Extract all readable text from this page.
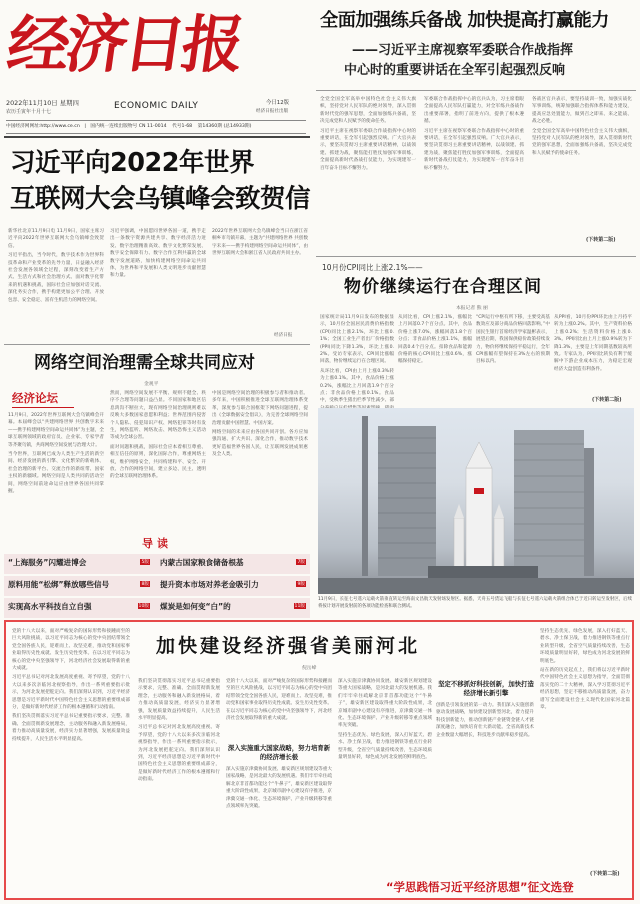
经济日报
2022年11月10日 星期四
农历壬寅年十月十七
ECONOMIC DAILY	今日12版
经济日报社出版
中国经济网网址:http://www.ce.cn | 国内统一连续出版物号 CN 11-0014 代号1-68 第14360期 (总14933期)
全面加强练兵备战 加快提高打赢能力
——习近平主席视察军委联合作战指挥
中心时的重要讲话在全军引起强烈反响

全党全国全军高举中国特色社会主义伟大旗帜，坚持党对人民军队的绝对领导，深入贯彻新时代党的强军思想，全面加强练兵备战，坚决完成党和人民赋予的使命任务。

习近平主席在视察军委联合作战指挥中心时的重要讲话，在全军引起强烈反响。广大官兵表示，要坚决贯彻习主席重要讲话精神，以战领建、抓建为战，聚焦能打胜仗加强军事训练，全面提高新时代备战打仗能力，为实现建军一百年奋斗目标不懈努力。

军委联合作战指挥中心的官兵认为，习主席着眼全面提高人民军队打赢能力，对全军练兵备战作出重要部署，指明了前进方向，提供了根本遵循。

习近平主席在视察军委联合作战指挥中心时的重要讲话，在全军引起强烈反响。广大官兵表示，要坚决贯彻习主席重要讲话精神，以战领建、抓建为战，聚焦能打胜仗加强军事训练，全面提高新时代备战打仗能力，为实现建军一百年奋斗目标不懈努力。

各战区官兵表示，要坚持战训一致，加强实战化军事训练，统筹加强联合指挥体系和能力建设，提高应急处置能力，做到召之即来、来之能战、战之必胜。

全党全国全军高举中国特色社会主义伟大旗帜，坚持党对人民军队的绝对领导，深入贯彻新时代党的强军思想，全面加强练兵备战，坚决完成党和人民赋予的使命任务。

(下转第二版)
习近平向2022年世界
互联网大会乌镇峰会致贺信

新华社北京11月9日电 11月9日，国家主席习近平向2022年世界互联网大会乌镇峰会致贺信。

习近平指出，当今时代，数字技术作为世界科技革命和产业变革的先导力量，日益融入经济社会发展各领域全过程，深刻改变着生产方式、生活方式和社会治理方式。面对数字化带来的机遇和挑战，国际社会应加强对话交流、深化务实合作，携手构建更加公平合理、开放包容、安全稳定、富有生机活力的网络空间。

习近平强调，中国愿同世界各国一道，携手走出一条数字资源共建共享、数字经济活力迸发、数字治理精准高效、数字文化繁荣发展、数字安全保障有力、数字合作互利共赢的全球数字发展道路，加快构建网络空间命运共同体，为世界和平发展和人类文明进步贡献智慧和力量。

2022年世界互联网大会乌镇峰会当日在浙江省桐乡市乌镇开幕，主题为“共建网络世界 共创数字未来——携手构建网络空间命运共同体”，由世界互联网大会和浙江省人民政府共同主办。

经济日报
10月份CPI同比上涨2.1%——
物价继续运行在合理区间
本报记者 熊 丽

国家统计局11月9日发布的数据显示，10月份全国居民消费价格指数(CPI)同比上涨2.1%，环比上涨0.1%；全国工业生产者出厂价格指数(PPI)同比下降1.3%，环比上涨0.2%。受访专家表示，CPI同比涨幅回落，物价继续运行在合理区间。

从环比看，CPI由上月上涨0.3%转为上涨0.1%。其中，食品价格上涨0.2%，涨幅比上月回落1.9个百分点；非食品价格上涨0.1%。食品中，受秋季生猪出栏季节性减少、部

从同比看，CPI上涨2.1%，涨幅比上月回落0.7个百分点。其中，食品价格上涨7.0%，涨幅回落1.8个百分点；非食品价格上涨1.1%，涨幅回落0.4个百分点。扣除食品和能源价格的核心CPI同比上涨0.6%，涨幅保持稳定。

“CPI运行中枢有所下移，主要受高基数效应及部分商品价格回落影响。”中国民生银行首席经济学家温彬表示，展望后期，我国保供稳价政策持续发力，物价将继续保持平稳运行，全年CPI涨幅有望保持在3%左右的预期目标以内。

从PPI看，10月份PPI环比由上月持平转为上涨0.2%。其中，生产资料价格上涨0.2%；生活资料价格上涨0.3%。PPI同比由上月上涨0.9%转为下降1.3%，主要是上年同期基数较高所致。专家认为，PPI同比转负有利于缓解中下游企业成本压力，为稳定宏观经济大盘创造有利条件。

(下转第二版)
11月9日，长征七号遥六运载火箭垂直转运至海南文昌航天发射场发射区。据悉，天舟五号货运飞船与长征七号遥六运载火箭组合体已于近日转运至发射区，后续将按计划开展发射前的各项功能检查和联合测试。
网络空间治理需全球共同应对
金观平
经济论坛

11月9日，2022年世界互联网大会乌镇峰会开幕。本届峰会以“共建网络世界 共创数字未来——携手构建网络空间命运共同体”为主题，全球互联网领域的政府官员、企业家、专家学者等齐聚乌镇，共商网络空间发展与治理大计。

当今世界，互联网已成为人类生产生活的新空间、经济发展的新引擎、文化繁荣的新载体、社会治理的新平台、交流合作的新纽带、国家主权的新疆域。网络空间是人类共同的活动空间，网络空间前途命运应由世界各国共同掌握。

然而，网络空间发展不平衡、规则不健全、秩序不合理等问题日益凸显。不同国家和地区信息鸿沟不断拉大，现有网络空间治理规则难以反映大多数国家意愿和利益；世界范围内侵害个人隐私、侵犯知识产权、网络犯罪等时有发生，网络监听、网络攻击、网络恐怖主义活动等成为全球公害。

面对问题和挑战，国际社会应本着相互尊重、相互信任的原则，深化国际合作，尊重网络主权，维护网络安全，共同构建和平、安全、开放、合作的网络空间，建立多边、民主、透明的全球互联网治理体系。

中国是网络空间治理的积极参与者和推动者。多年来，中国积极推进全球互联网治理体系变革，深度参与联合国框架下网络问题进程，提出《全球数据安全倡议》，为完善全球网络空间治理贡献中国智慧、中国方案。

网络空间的未来应由各国共同开创。各方应加强沟通、扩大共识、深化合作，推动数字技术更好造福世界各国人民，让互联网发展成果惠及全人类。

导读
“上海服务”闪耀进博会	5版 内蒙古国家粮食储备根基	7版
原料用能“松绑”释放哪些信号	8版 提升资本市场对养老金吸引力	9版
实现高水平科技自立自强	10版 煤炭是如何变“白”的	11版
加快建设经济强省美丽河北
倪岳峰

党的十八大以来，面对严峻复杂的国际形势和接踵而至的巨大风险挑战，以习近平同志为核心的党中央团结带领全党全国各族人民，迎难而上、攻坚克难，推动党和国家事业取得历史性成就、发生历史性变革。在以习近平同志为核心的党中央坚强领导下，河北经济社会发展取得新的重大成就。

习近平总书记对河北发展高度重视、寄予厚望，党的十八大以来多次亲临河北视察指导，作出一系列重要指示批示，为河北发展把舵定向。我们深刻认识到，习近平经济思想是习近平新时代中国特色社会主义思想的重要组成部分，是做好新时代经济工作的根本遵循和行动指南。

我们坚决贯彻落实习近平总书记重要指示要求，完整、准确、全面贯彻新发展理念，主动服务和融入新发展格局，着力推动高质量发展，经济实力显著增强，发展质量效益持续提升，人民生活水平明显提高。

我们坚决贯彻落实习近平总书记重要指示要求，完整、准确、全面贯彻新发展理念，主动服务和融入新发展格局，着力推动高质量发展，经济实力显著增强，发展质量效益持续提升，人民生活水平明显提高。

习近平总书记对河北发展高度重视、寄予厚望，党的十八大以来多次亲临河北视察指导，作出一系列重要指示批示，为河北发展把舵定向。我们深刻认识到，习近平经济思想是习近平新时代中国特色社会主义思想的重要组成部分，是做好新时代经济工作的根本遵循和行动指南。

深入实施重大国家战略，努力培育新的经济增长极

党的十八大以来，面对严峻复杂的国际形势和接踵而至的巨大风险挑战，以习近平同志为核心的党中央团结带领全党全国各族人民，迎难而上、攻坚克难，推动党和国家事业取得历史性成就、发生历史性变革。在以习近平同志为核心的党中央坚强领导下，河北经济社会发展取得新的重大成就。

深入实施京津冀协同发展、雄安新区规划建设等重大国家战略，是河北最大的发展机遇。我们牢牢牵住疏解北京非首都功能这个“牛鼻子”，雄安新区建设取得重大阶段性成果，北京城市副中心建设有序推进，京津冀交通一体化、生态环境保护、产业升级转移等重点领域率先突破。

深入实施京津冀协同发展、雄安新区规划建设等重大国家战略，是河北最大的发展机遇。我们牢牢牵住疏解北京非首都功能这个“牛鼻子”，雄安新区建设取得重大阶段性成果，北京城市副中心建设有序推进，京津冀交通一体化、生态环境保护、产业升级转移等重点领域率先突破。

坚持生态优先、绿色发展，深入打好蓝天、碧水、净土保卫战，着力推进钢铁等重点行业转型升级，全省空气质量持续改善，生态环境质量明显好转，绿色成为河北发展的鲜明底色。

坚定不移抓好科技创新，加快打造经济增长新引擎

创新是引领发展的第一动力。我们深入实施创新驱动发展战略，加快建设创新型河北，着力提升科技创新能力，推动创新链产业链资金链人才链深度融合，加快培育壮大新动能。全省高新技术企业数量大幅增长，科技进步贡献率稳步提高。

坚持生态优先、绿色发展，深入打好蓝天、碧水、净土保卫战，着力推进钢铁等重点行业转型升级，全省空气质量持续改善，生态环境质量明显好转，绿色成为河北发展的鲜明底色。

站在新的历史起点上，我们将以习近平新时代中国特色社会主义思想为指导，全面贯彻落实党的二十大精神，深入学习贯彻习近平经济思想，坚定不移推动高质量发展，奋力谱写全面建设社会主义现代化国家河北篇章。

(下转第二版)
“学思践悟习近平经济思想”征文选登
